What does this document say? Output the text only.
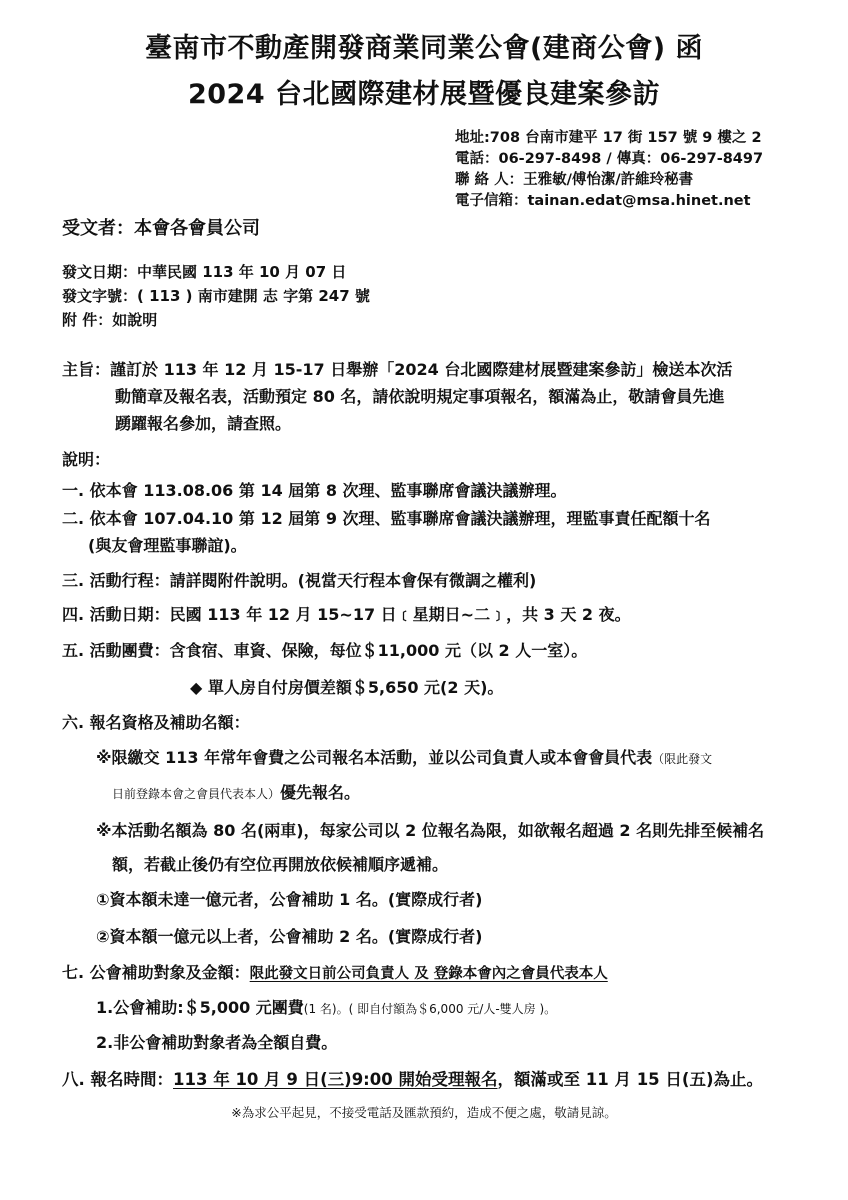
臺南市不動產開發商業同業公會(建商公會) 函
2024 台北國際建材展暨優良建案參訪
地址:708 台南市建平 17 街 157 號 9 樓之 2
電話：06-297-8498 / 傳真：06-297-8497
聯 絡 人：王雅敏/傅怡潔/許維玲秘書
電子信箱：tainan.edat@msa.hinet.net
受文者：本會各會員公司
發文日期：中華民國 113 年 10 月 07 日
發文字號：( 113 ) 南市建開 志 字第 247 號
附 件：如說明
主旨：謹訂於 113 年 12 月 15-17 日舉辦「2024 台北國際建材展暨建案參訪」檢送本次活
動簡章及報名表，活動預定 80 名，請依說明規定事項報名，額滿為止，敬請會員先進
踴躍報名參加，請查照。
說明：
一. 依本會 113.08.06 第 14 屆第 8 次理、監事聯席會議決議辦理。
二. 依本會 107.04.10 第 12 屆第 9 次理、監事聯席會議決議辦理，理監事責任配額十名
(與友會理監事聯誼)。
三. 活動行程：請詳閱附件說明。(視當天行程本會保有微調之權利)
四. 活動日期：民國 113 年 12 月 15~17 日﹝星期日~二﹞，共 3 天 2 夜。
五. 活動團費：含食宿、車資、保險，每位＄11,000 元（以 2 人一室）。
◆ 單人房自付房價差額＄5,650 元(2 天)。
六. 報名資格及補助名額：
※限繳交 113 年常年會費之公司報名本活動，並以公司負責人或本會會員代表（限此發文
日前登錄本會之會員代表本人）優先報名。
※本活動名額為 80 名(兩車)，每家公司以 2 位報名為限，如欲報名超過 2 名則先排至候補名
額，若截止後仍有空位再開放依候補順序遞補。
①資本額未達一億元者，公會補助 1 名。(實際成行者)
②資本額一億元以上者，公會補助 2 名。(實際成行者)
七. 公會補助對象及金額：限此發文日前公司負責人 及 登錄本會內之會員代表本人
1.公會補助:＄5,000 元團費(1 名)。( 即自付額為＄6,000 元/人-雙人房 )。
2.非公會補助對象者為全額自費。
八. 報名時間：113 年 10 月 9 日(三)9:00 開始受理報名，額滿或至 11 月 15 日(五)為止。
※為求公平起見，不接受電話及匯款預約，造成不便之處，敬請見諒。
